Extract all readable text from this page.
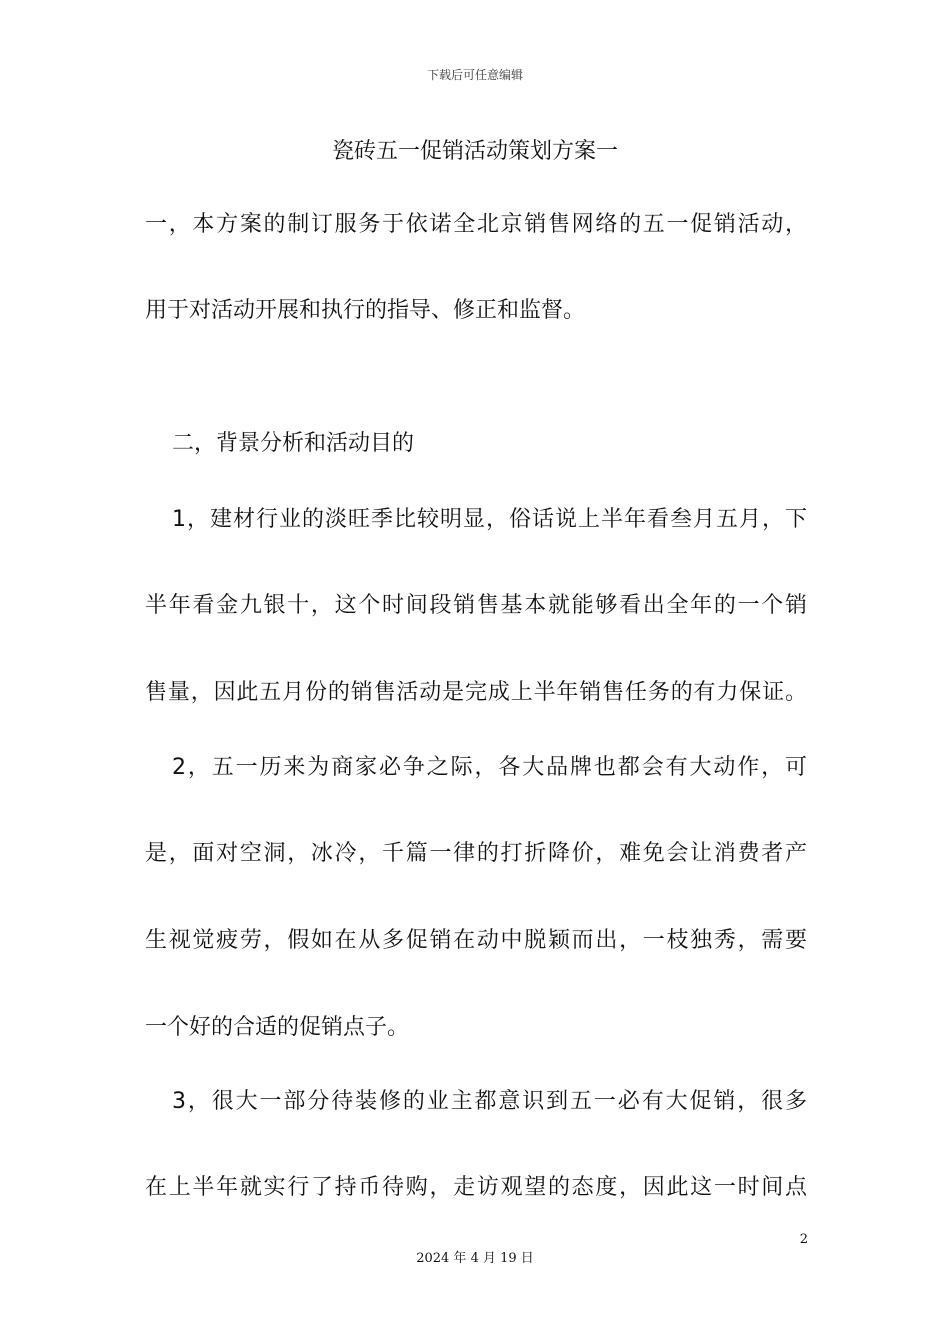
下载后可任意编辑
瓷砖五一促销活动策划方案一
一，本方案的制订服务于依诺全北京销售网络的五一促销活动，
用于对活动开展和执行的指导、修正和监督。
二，背景分析和活动目的
1，建材行业的淡旺季比较明显，俗话说上半年看叁月五月，下
半年看金九银十，这个时间段销售基本就能够看出全年的一个销
售量，因此五月份的销售活动是完成上半年销售任务的有力保证。
2，五一历来为商家必争之际，各大品牌也都会有大动作，可
是，面对空洞，冰冷，千篇一律的打折降价，难免会让消费者产
生视觉疲劳，假如在从多促销在动中脱颖而出，一枝独秀，需要
一个好的合适的促销点子。
3，很大一部分待装修的业主都意识到五一必有大促销，很多
在上半年就实行了持币待购，走访观望的态度，因此这一时间点
2
2024 年 4 月 19 日
